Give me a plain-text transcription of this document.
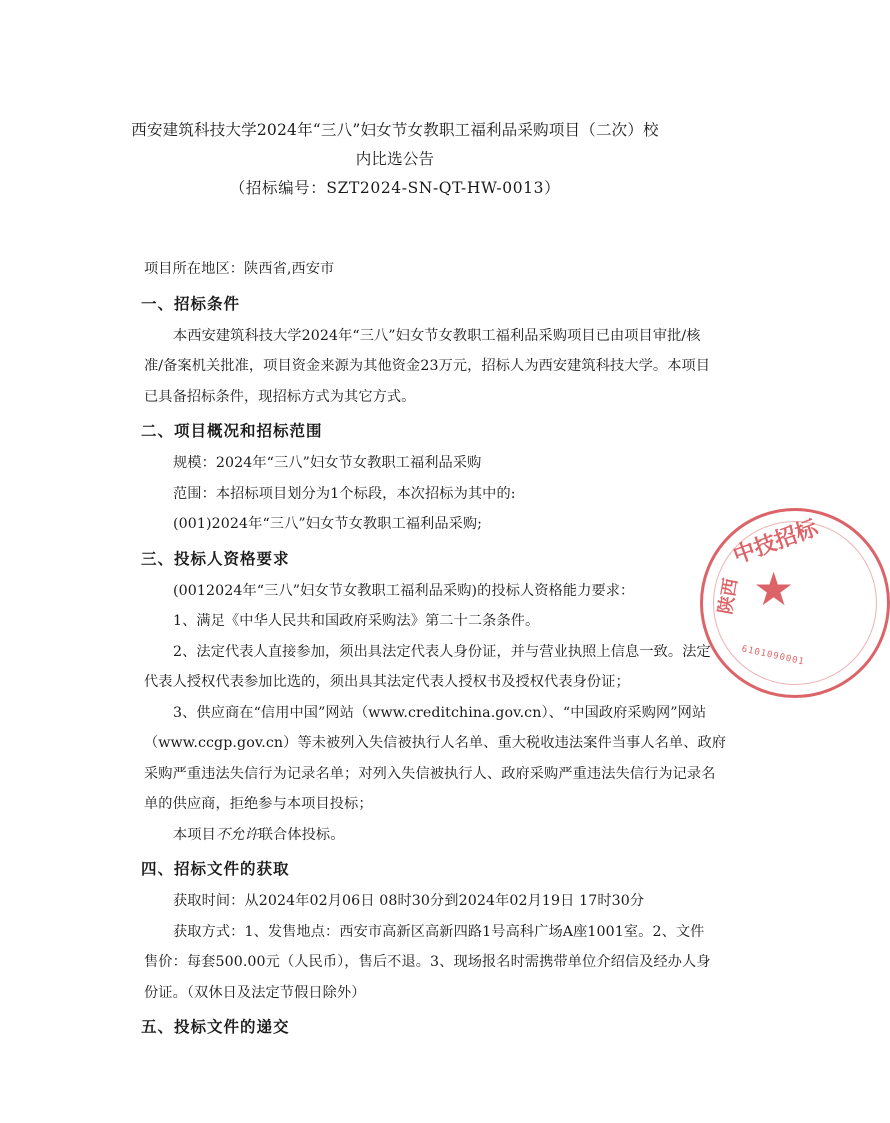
西安建筑科技大学2024年“三八”妇女节女教职工福利品采购项目（二次）校
内比选公告
（招标编号：SZT2024-SN-QT-HW-0013）

项目所在地区：陕西省,西安市

一、招标条件

本西安建筑科技大学2024年“三八”妇女节女教职工福利品采购项目已由项目审批/核

准/备案机关批准，项目资金来源为其他资金23万元，招标人为西安建筑科技大学。本项目

已具备招标条件，现招标方式为其它方式。

二、项目概况和招标范围

规模：2024年“三八”妇女节女教职工福利品采购

范围：本招标项目划分为1个标段，本次招标为其中的:

(001)2024年“三八”妇女节女教职工福利品采购;

三、投标人资格要求

(0012024年“三八”妇女节女教职工福利品采购)的投标人资格能力要求：

1、满足《中华人民共和国政府采购法》第二十二条条件。

2、法定代表人直接参加，须出具法定代表人身份证，并与营业执照上信息一致。法定

代表人授权代表参加比选的，须出具其法定代表人授权书及授权代表身份证；

3、供应商在“信用中国”网站（www.creditchina.gov.cn）、“中国政府采购网”网站

（www.ccgp.gov.cn）等未被列入失信被执行人名单、重大税收违法案件当事人名单、政府

采购严重违法失信行为记录名单；对列入失信被执行人、政府采购严重违法失信行为记录名

单的供应商，拒绝参与本项目投标；

本项目不允许联合体投标。

四、招标文件的获取

获取时间：从2024年02月06日 08时30分到2024年02月19日 17时30分

获取方式：1、发售地点：西安市高新区高新四路1号高科广场A座1001室。2、文件

售价：每套500.00元（人民币），售后不退。3、现场报名时需携带单位介绍信及经办人身

份证。（双休日及法定节假日除外）

五、投标文件的递交
中技招标
陕西 ★
6101090001
